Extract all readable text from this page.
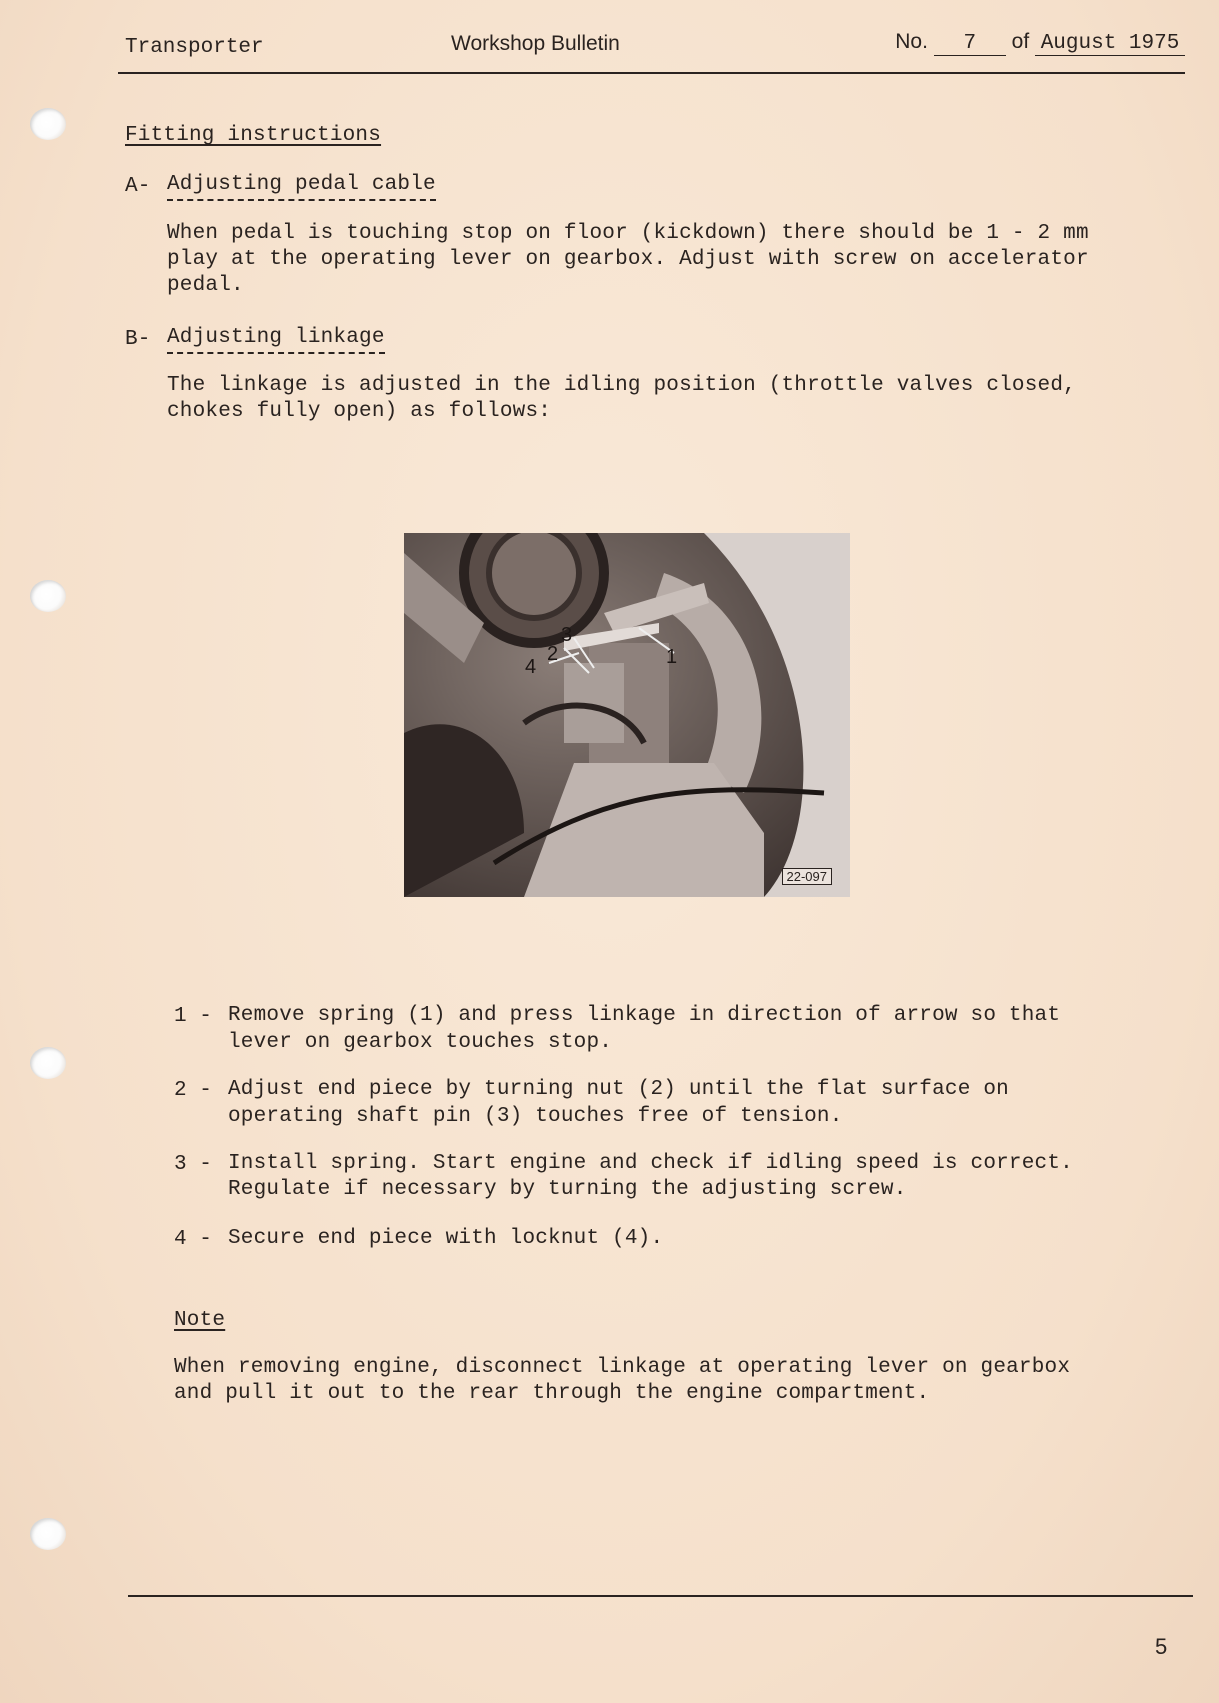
Transporter	Workshop Bulletin	No. 7 of August 1975
Fitting instructions
A- Adjusting pedal cable
When pedal is touching stop on floor (kickdown) there should be 1 - 2 mm
play at the operating lever on gearbox. Adjust with screw on accelerator
pedal.
B- Adjusting linkage
The linkage is adjusted in the idling position (throttle valves closed,
chokes fully open) as follows:
1
2
3
4
22-097
1 - Remove spring (1) and press linkage in direction of arrow so that
lever on gearbox touches stop.
2 - Adjust end piece by turning nut (2) until the flat surface on
operating shaft pin (3) touches free of tension.
3 - Install spring. Start engine and check if idling speed is correct.
Regulate if necessary by turning the adjusting screw.
4 - Secure end piece with locknut (4).
Note
When removing engine, disconnect linkage at operating lever on gearbox
and pull it out to the rear through the engine compartment.
5
